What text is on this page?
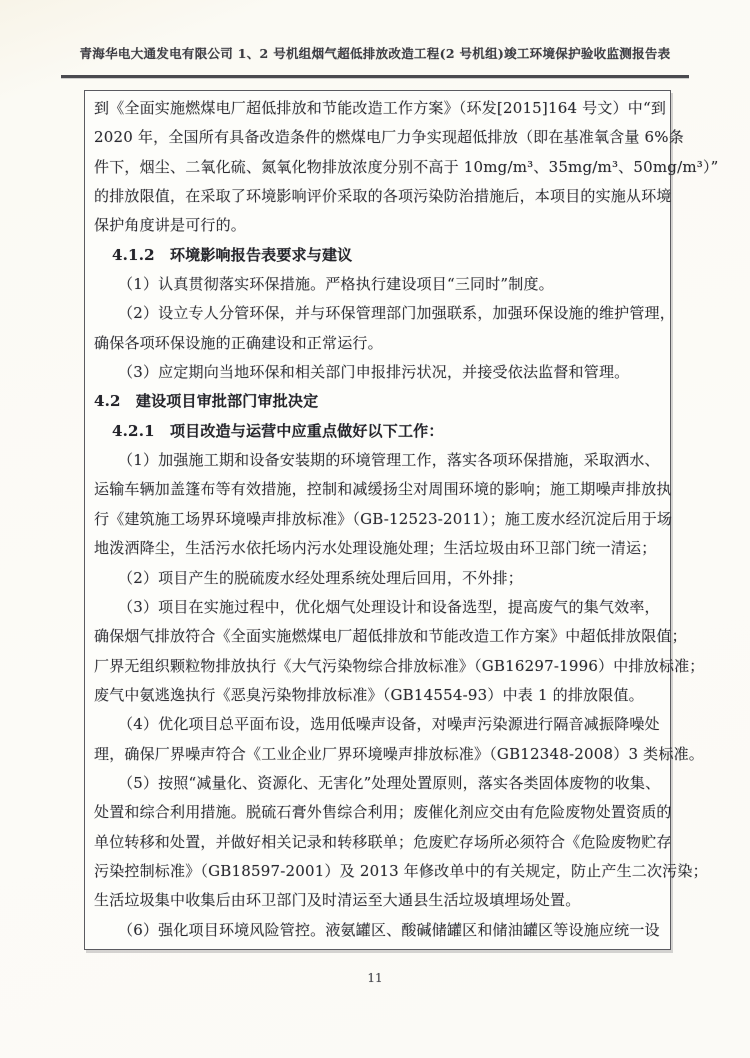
青海华电大通发电有限公司 1、2 号机组烟气超低排放改造工程(2 号机组)竣工环境保护验收监测报告表
到《全面实施燃煤电厂超低排放和节能改造工作方案》（环发[2015]164 号文）中“到
2020 年，全国所有具备改造条件的燃煤电厂力争实现超低排放（即在基准氧含量 6%条
件下，烟尘、二氧化硫、氮氧化物排放浓度分别不高于 10mg/m³、35mg/m³、50mg/m³）”
的排放限值，在采取了环境影响评价采取的各项污染防治措施后，本项目的实施从环境
保护角度讲是可行的。
4.1.2　环境影响报告表要求与建议
（1）认真贯彻落实环保措施。严格执行建设项目“三同时”制度。
（2）设立专人分管环保，并与环保管理部门加强联系，加强环保设施的维护管理，
确保各项环保设施的正确建设和正常运行。
（3）应定期向当地环保和相关部门申报排污状况，并接受依法监督和管理。
4.2　建设项目审批部门审批决定
4.2.1　项目改造与运营中应重点做好以下工作：
（1）加强施工期和设备安装期的环境管理工作，落实各项环保措施，采取洒水、
运输车辆加盖篷布等有效措施，控制和减缓扬尘对周围环境的影响；施工期噪声排放执
行《建筑施工场界环境噪声排放标准》（GB-12523-2011）；施工废水经沉淀后用于场
地泼洒降尘，生活污水依托场内污水处理设施处理；生活垃圾由环卫部门统一清运；
（2）项目产生的脱硫废水经处理系统处理后回用，不外排；
（3）项目在实施过程中，优化烟气处理设计和设备选型，提高废气的集气效率，
确保烟气排放符合《全面实施燃煤电厂超低排放和节能改造工作方案》中超低排放限值；
厂界无组织颗粒物排放执行《大气污染物综合排放标准》（GB16297-1996）中排放标准；
废气中氨逃逸执行《恶臭污染物排放标准》（GB14554-93）中表 1 的排放限值。
（4）优化项目总平面布设，选用低噪声设备，对噪声污染源进行隔音减振降噪处
理，确保厂界噪声符合《工业企业厂界环境噪声排放标准》（GB12348-2008）3 类标准。
（5）按照“减量化、资源化、无害化”处理处置原则，落实各类固体废物的收集、
处置和综合利用措施。脱硫石膏外售综合利用；废催化剂应交由有危险废物处置资质的
单位转移和处置，并做好相关记录和转移联单；危废贮存场所必须符合《危险废物贮存
污染控制标准》（GB18597-2001）及 2013 年修改单中的有关规定，防止产生二次污染；
生活垃圾集中收集后由环卫部门及时清运至大通县生活垃圾填埋场处置。
（6）强化项目环境风险管控。液氨罐区、酸碱储罐区和储油罐区等设施应统一设
11
